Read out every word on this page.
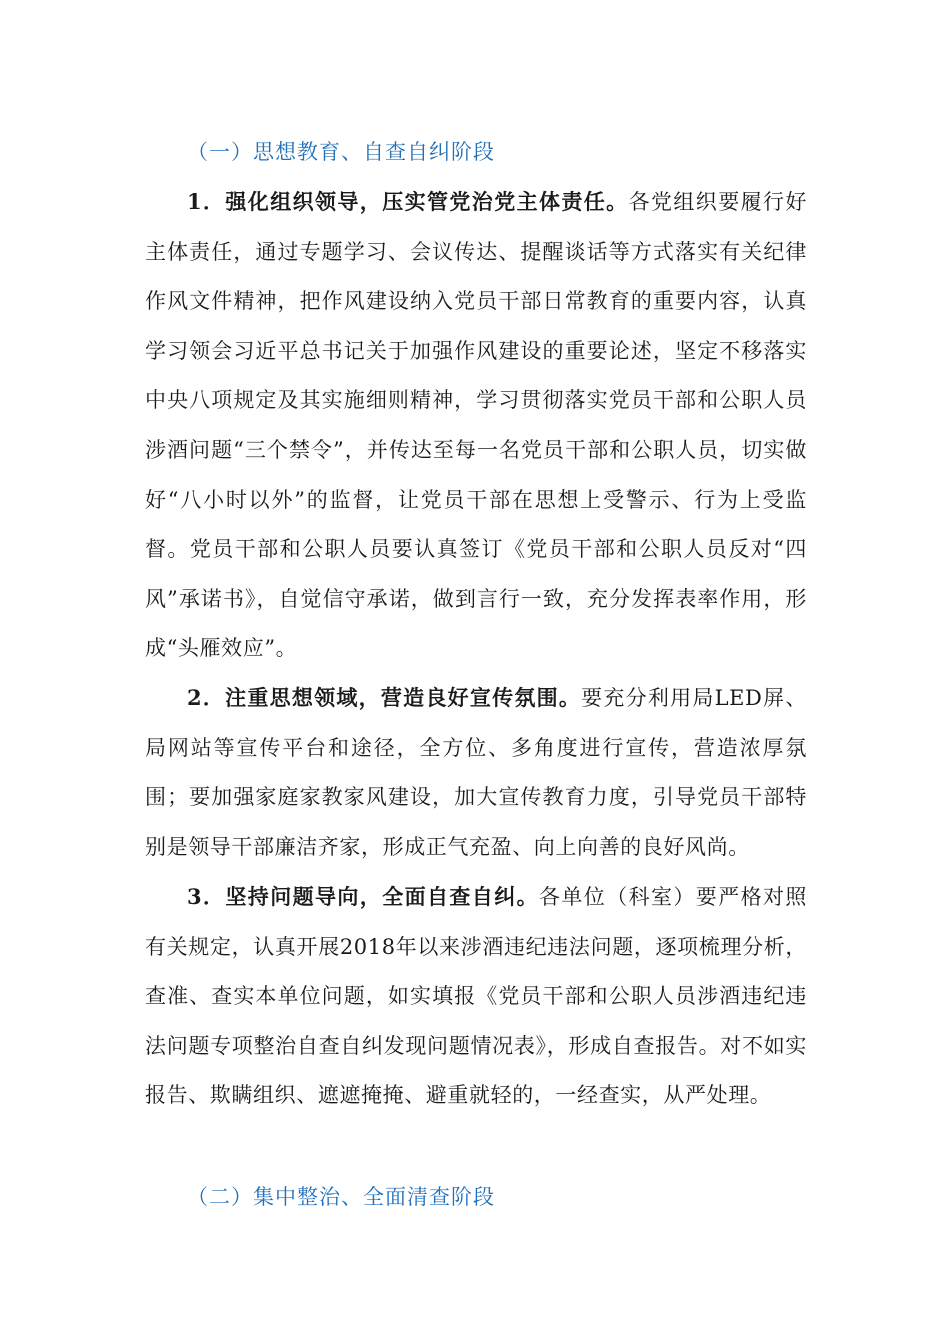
（一）思想教育、自查自纠阶段
1．强化组织领导，压实管党治党主体责任。各党组织要履行好主体责任，通过专题学习、会议传达、提醒谈话等方式落实有关纪律作风文件精神，把作风建设纳入党员干部日常教育的重要内容，认真学习领会习近平总书记关于加强作风建设的重要论述，坚定不移落实中央八项规定及其实施细则精神，学习贯彻落实党员干部和公职人员涉酒问题“三个禁令”，并传达至每一名党员干部和公职人员，切实做好“八小时以外”的监督，让党员干部在思想上受警示、行为上受监督。党员干部和公职人员要认真签订《党员干部和公职人员反对“四风”承诺书》，自觉信守承诺，做到言行一致，充分发挥表率作用，形成“头雁效应”。
2．注重思想领域，营造良好宣传氛围。要充分利用局LED屏、局网站等宣传平台和途径，全方位、多角度进行宣传，营造浓厚氛围；要加强家庭家教家风建设，加大宣传教育力度，引导党员干部特别是领导干部廉洁齐家，形成正气充盈、向上向善的良好风尚。
3．坚持问题导向，全面自查自纠。各单位（科室）要严格对照有关规定，认真开展2018年以来涉酒违纪违法问题，逐项梳理分析，查准、查实本单位问题，如实填报《党员干部和公职人员涉酒违纪违法问题专项整治自查自纠发现问题情况表》，形成自查报告。对不如实报告、欺瞒组织、遮遮掩掩、避重就轻的，一经查实，从严处理。
（二）集中整治、全面清查阶段
